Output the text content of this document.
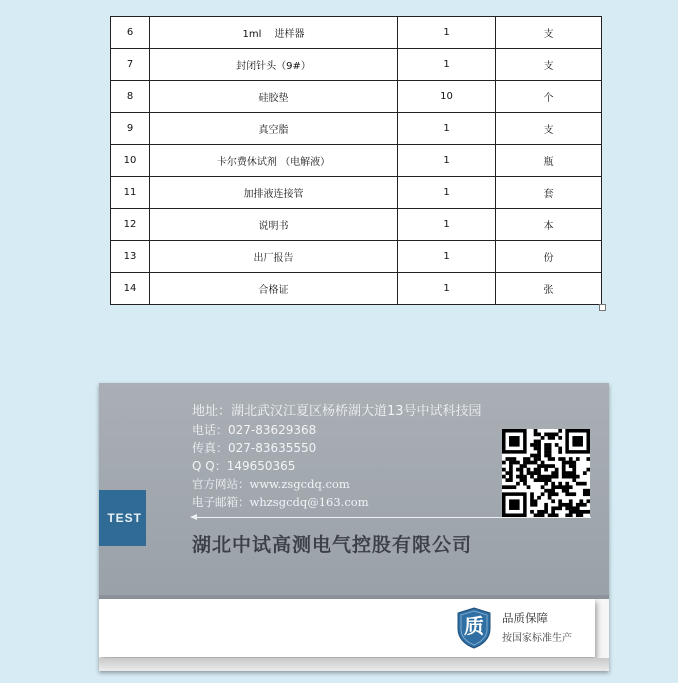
6	1ml　 进样器	1	支
7	封闭针头（9#）	1	支
8	硅胶垫	10	个
9	真空脂	1	支
10	卡尔费休试剂 （电解液）	1	瓶
11	加排液连接管	1	套
12	说明书	1	本
13	出厂报告	1	份
14	合格证	1	张
TEST
地址：湖北武汉江夏区杨桥湖大道13号中试科技园
电话：027-83629368
传真：027-83635550
Q Q：149650365
官方网站：www.zsgcdq.com
电子邮箱：whzsgcdq@163.com
湖北中试高测电气控股有限公司
质	品质保障
按国家标准生产
